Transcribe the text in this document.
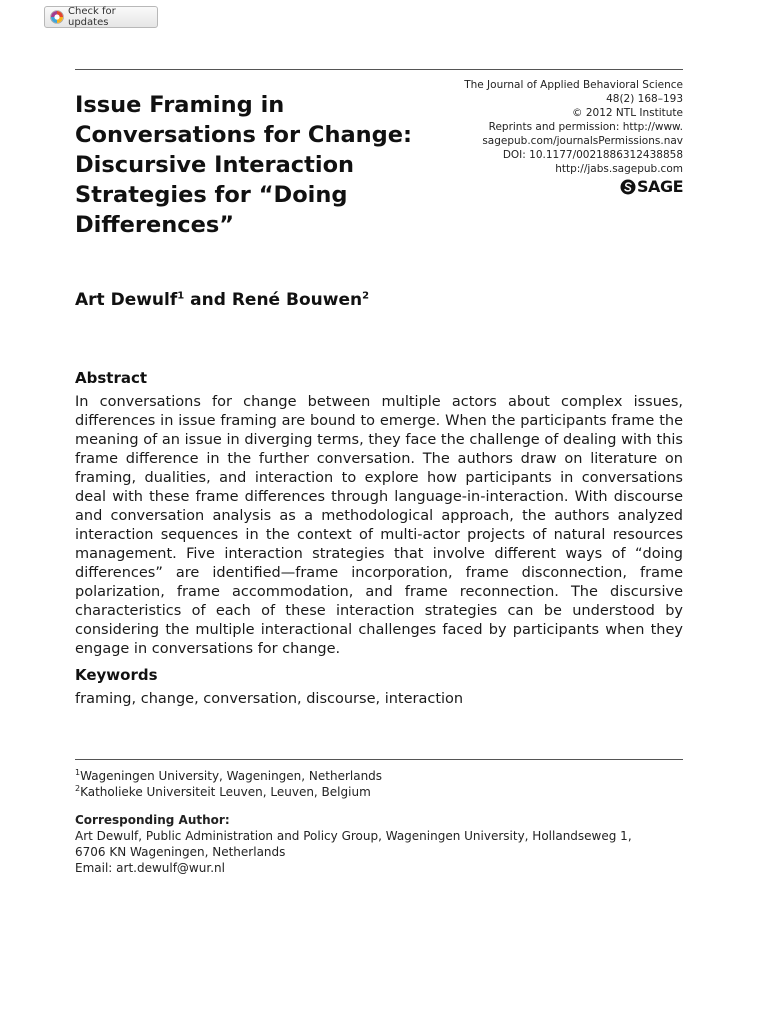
Check for updates
The Journal of Applied Behavioral Science
48(2) 168–193
© 2012 NTL Institute
Reprints and permission: http://www.
sagepub.com/journalsPermissions.nav
DOI: 10.1177/0021886312438858
http://jabs.sagepub.com
SAGE
Issue Framing in Conversations for Change: Discursive Interaction Strategies for “Doing Differences”

Art Dewulf$^1$ and René Bouwen$^2$

Abstract

In conversations for change between multiple actors about complex issues, differences in issue framing are bound to emerge. When the participants frame the meaning of an issue in diverging terms, they face the challenge of dealing with this frame difference in the further conversation. The authors draw on literature on framing, dualities, and interaction to explore how participants in conversations deal with these frame differences through language-in-interaction. With discourse and conversation analysis as a methodological approach, the authors analyzed interaction sequences in the context of multi-actor projects of natural resources management. Five interaction strategies that involve different ways of “doing differences” are identified—frame incorporation, frame disconnection, frame polarization, frame accommodation, and frame reconnection. The discursive characteristics of each of these interaction strategies can be understood by considering the multiple interactional challenges faced by participants when they engage in conversations for change.

Keywords

framing, change, conversation, discourse, interaction

$^1$Wageningen University, Wageningen, Netherlands

$^2$Katholieke Universiteit Leuven, Leuven, Belgium

Corresponding Author:
Art Dewulf, Public Administration and Policy Group, Wageningen University, Hollandseweg 1,
6706 KN Wageningen, Netherlands
Email: art.dewulf@wur.nl
